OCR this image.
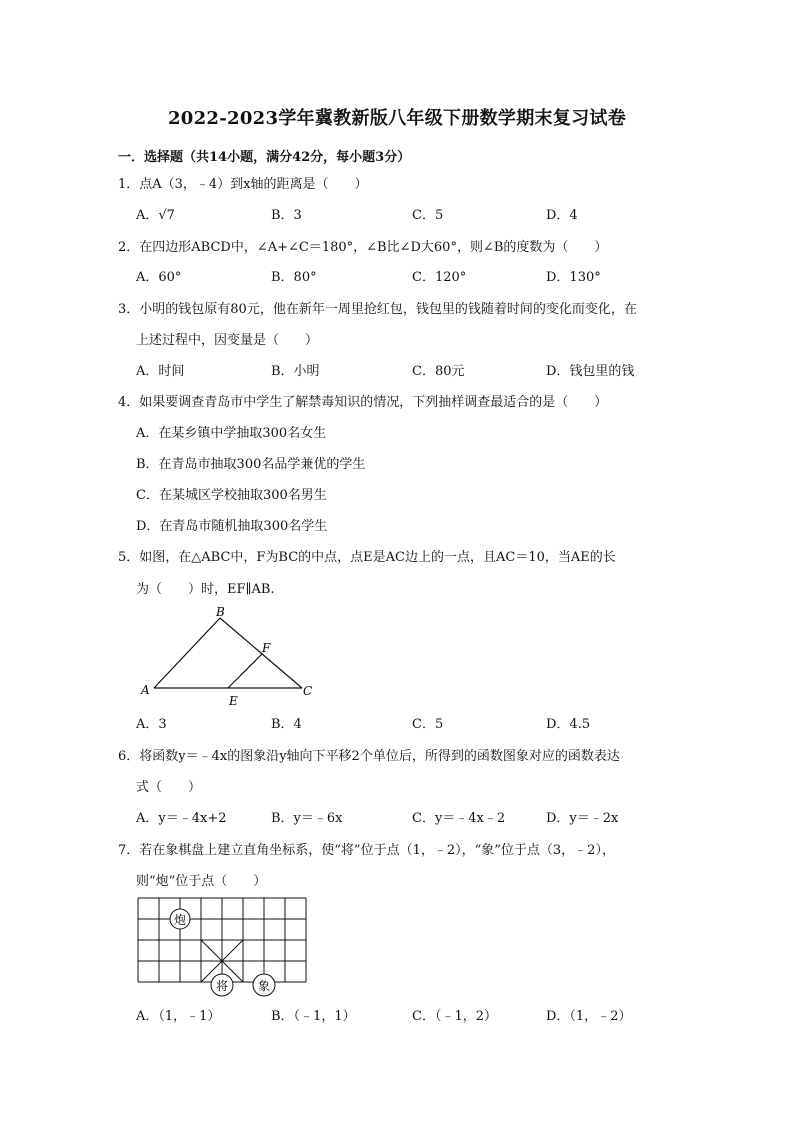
2022-2023学年冀教新版八年级下册数学期末复习试卷
一．选择题（共14小题，满分42分，每小题3分）
1．点A（3，﹣4）到x轴的距离是（　　）
A．√7	B．3	C．5	D．4
2．在四边形ABCD中，∠A+∠C＝180°，∠B比∠D大60°，则∠B的度数为（　　）
A．60°	B．80°	C．120°	D．130°
3．小明的钱包原有80元，他在新年一周里抢红包，钱包里的钱随着时间的变化而变化，在
上述过程中，因变量是（　　）
A．时间	B．小明	C．80元	D．钱包里的钱
4．如果要调查青岛市中学生了解禁毒知识的情况，下列抽样调查最适合的是（　　）
A．在某乡镇中学抽取300名女生
B．在青岛市抽取300名品学兼优的学生
C．在某城区学校抽取300名男生
D．在青岛市随机抽取300名学生
5．如图，在△ABC中，F为BC的中点，点E是AC边上的一点，且AC＝10，当AE的长
为（　　）时，EF∥AB.
B
F
A
E
C
A．3	B．4	C．5	D．4.5
6．将函数y＝﹣4x的图象沿y轴向下平移2个单位后，所得到的函数图象对应的函数表达
式（　　）
A．y＝﹣4x+2	B．y＝﹣6x	C．y＝﹣4x﹣2	D．y＝﹣2x
7．若在象棋盘上建立直角坐标系，使“将”位于点（1，﹣2），“象”位于点（3，﹣2），
则“炮”位于点（　　）
炮
将 象
A．（1，﹣1）	B．（﹣1，1）	C．（﹣1，2）	D．（1，﹣2）
